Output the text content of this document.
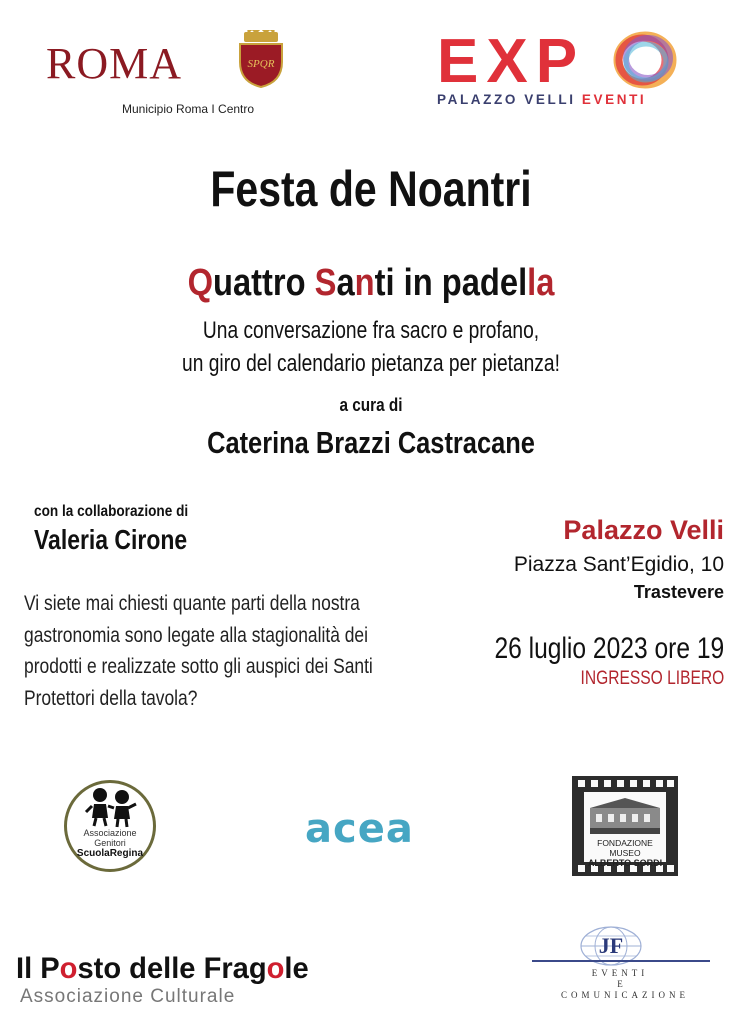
ROMA	SPQR
Municipio Roma I Centro
EXP
PALAZZO VELLI EVENTI
Festa de Noantri
Quattro Santi in padella
Una conversazione fra sacro e profano,
un giro del calendario pietanza per pietanza!
a cura di
Caterina Brazzi Castracane
con la collaborazione di
Valeria Cirone
Vi siete mai chiesti quante parti della nostra gastronomia sono legate alla stagionalità dei prodotti e realizzate sotto gli auspici dei Santi Protettori della tavola?
Palazzo Velli
Piazza Sant’Egidio, 10
Trastevere
26 luglio 2023 ore 19
INGRESSO LIBERO
Associazione Genitori
ScuolaRegina
acea	FONDAZIONE MUSEO
ALBERTO SORDI
Il Posto delle Fragole
Associazione Culturale
JF
EVENTI
E
COMUNICAZIONE
